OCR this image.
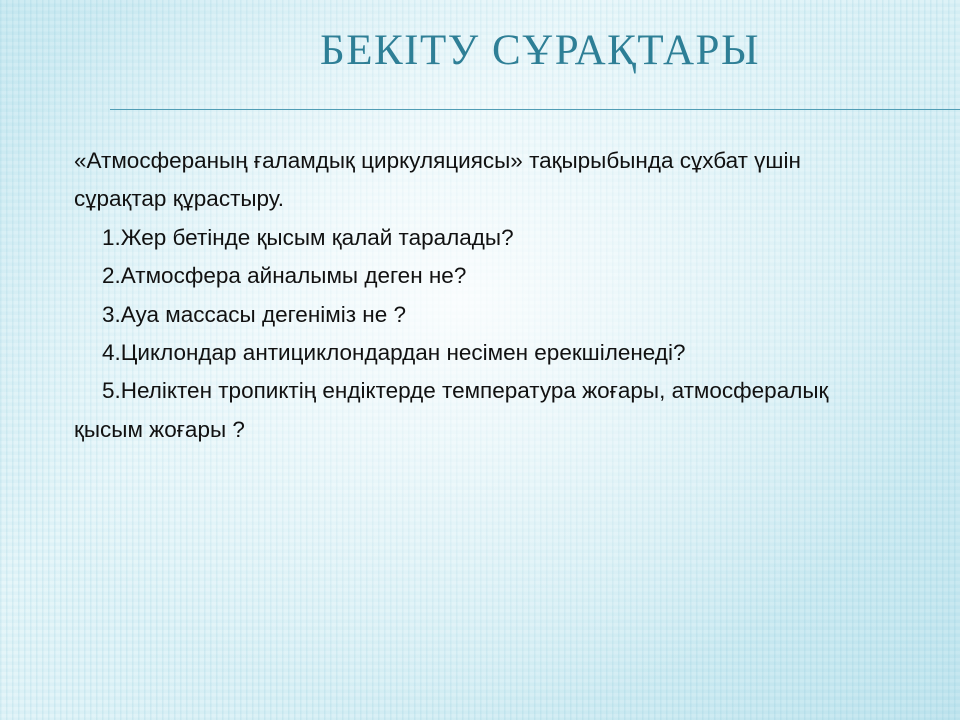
БЕКІТУ СҰРАҚТАРЫ

«Атмосфераның ғаламдық циркуляциясы» тақырыбында сұхбат үшін сұрақтар құрастыру.

1.Жер бетінде қысым қалай таралады?

2.Атмосфера айналымы деген не?

3.Ауа массасы дегеніміз не ?

4.Циклондар антициклондардан несімен ерекшіленеді?

5.Неліктен тропиктің ендіктерде температура жоғары, атмосфералық қысым жоғары ?
